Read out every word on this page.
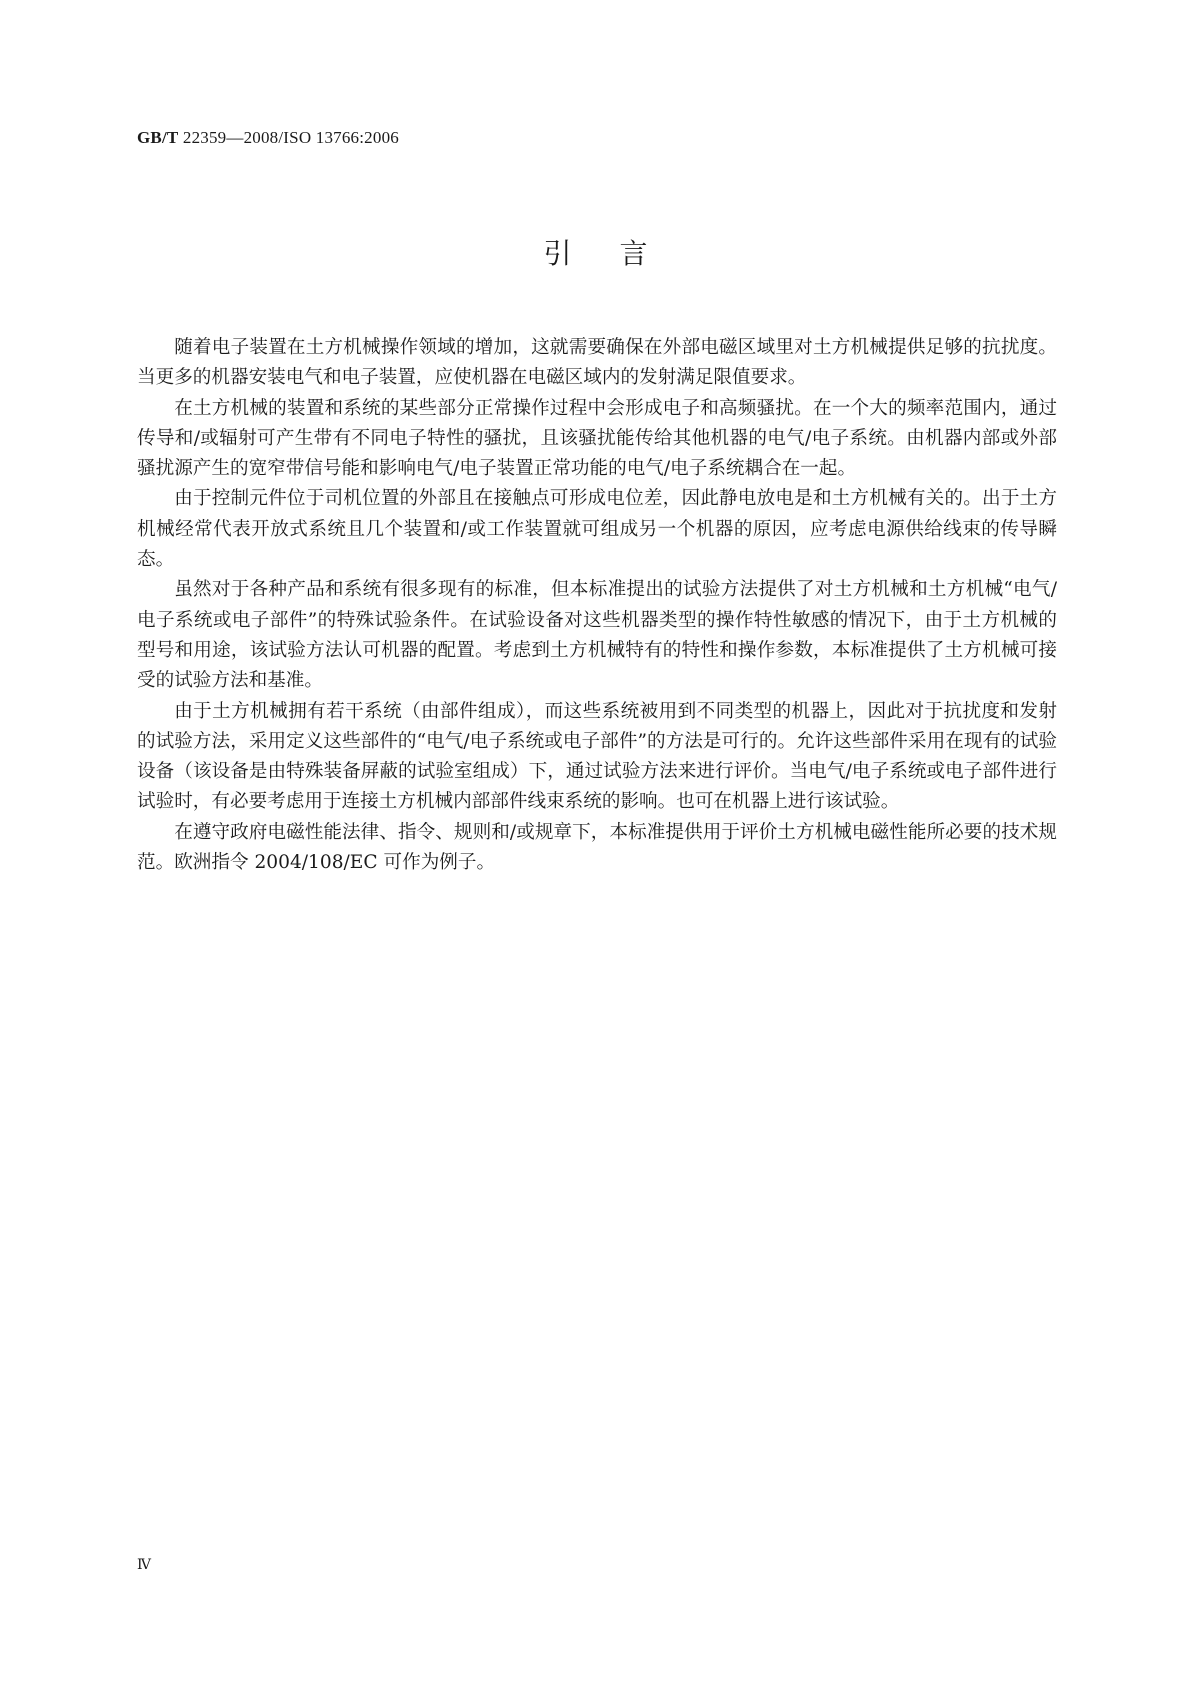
GB/T 22359—2008/ISO 13766:2006
引言

随着电子装置在土方机械操作领域的增加，这就需要确保在外部电磁区域里对土方机械提供足够的抗扰度。当更多的机器安装电气和电子装置，应使机器在电磁区域内的发射满足限值要求。

在土方机械的装置和系统的某些部分正常操作过程中会形成电子和高频骚扰。在一个大的频率范围内，通过传导和/或辐射可产生带有不同电子特性的骚扰，且该骚扰能传给其他机器的电气/电子系统。由机器内部或外部骚扰源产生的宽窄带信号能和影响电气/电子装置正常功能的电气/电子系统耦合在一起。

由于控制元件位于司机位置的外部且在接触点可形成电位差，因此静电放电是和土方机械有关的。出于土方机械经常代表开放式系统且几个装置和/或工作装置就可组成另一个机器的原因，应考虑电源供给线束的传导瞬态。

虽然对于各种产品和系统有很多现有的标准，但本标准提出的试验方法提供了对土方机械和土方机械“电气/电子系统或电子部件”的特殊试验条件。在试验设备对这些机器类型的操作特性敏感的情况下，由于土方机械的型号和用途，该试验方法认可机器的配置。考虑到土方机械特有的特性和操作参数，本标准提供了土方机械可接受的试验方法和基准。

由于土方机械拥有若干系统（由部件组成），而这些系统被用到不同类型的机器上，因此对于抗扰度和发射的试验方法，采用定义这些部件的“电气/电子系统或电子部件”的方法是可行的。允许这些部件采用在现有的试验设备（该设备是由特殊装备屏蔽的试验室组成）下，通过试验方法来进行评价。当电气/电子系统或电子部件进行试验时，有必要考虑用于连接土方机械内部部件线束系统的影响。也可在机器上进行该试验。

在遵守政府电磁性能法律、指令、规则和/或规章下，本标准提供用于评价土方机械电磁性能所必要的技术规范。欧洲指令 2004/108/EC 可作为例子。

Ⅳ
